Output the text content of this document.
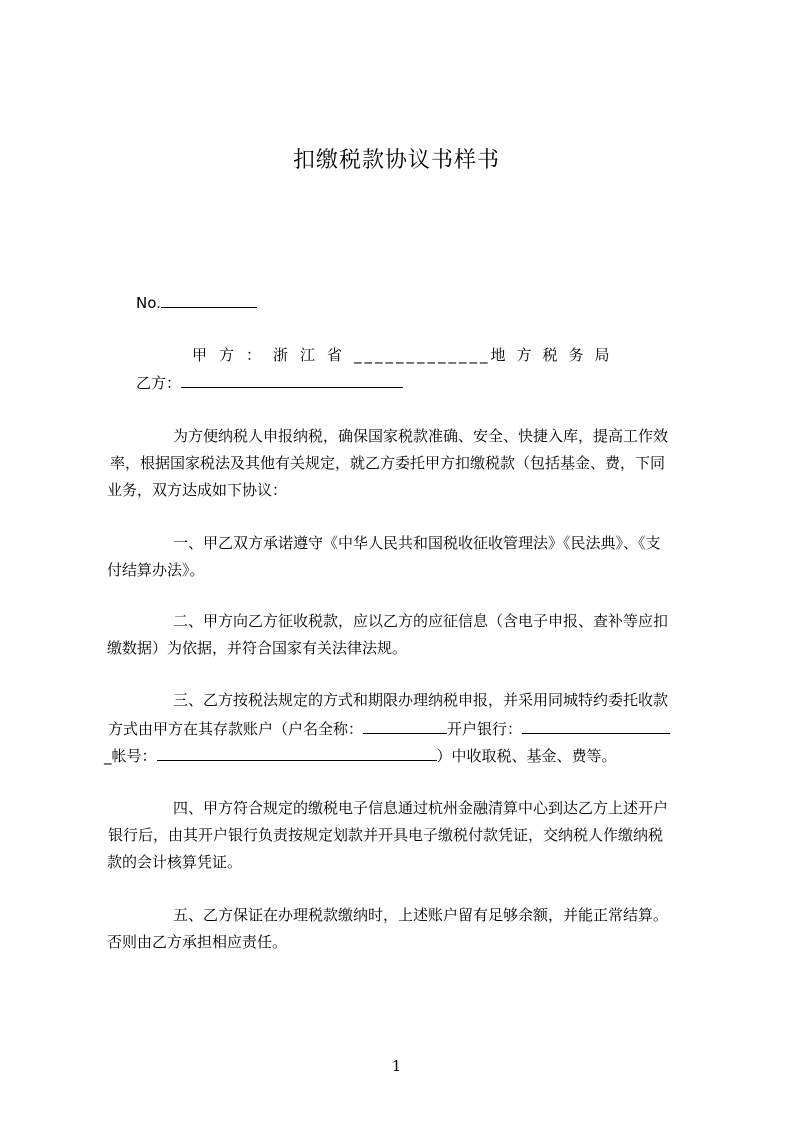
扣缴税款协议书样书
No.
甲方：浙江省_____________地方税务局
乙方：
为方便纳税人申报纳税，确保国家税款准确、安全、快捷入库，提高工作效
率，根据国家税法及其他有关规定，就乙方委托甲方扣缴税款（包括基金、费，下同
业务，双方达成如下协议：
一、甲乙双方承诺遵守《中华人民共和国税收征收管理法》《民法典》、《支
付结算办法》。
二、甲方向乙方征收税款，应以乙方的应征信息（含电子申报、查补等应扣
缴数据）为依据，并符合国家有关法律法规。
三、乙方按税法规定的方式和期限办理纳税申报，并采用同城特约委托收款
方式由甲方在其存款账户（户名全称：	开户银行：
_帐号：	）中收取税、基金、费等。
四、甲方符合规定的缴税电子信息通过杭州金融清算中心到达乙方上述开户
银行后，由其开户银行负责按规定划款并开具电子缴税付款凭证，交纳税人作缴纳税
款的会计核算凭证。
五、乙方保证在办理税款缴纳时，上述账户留有足够余额，并能正常结算。
否则由乙方承担相应责任。
1
